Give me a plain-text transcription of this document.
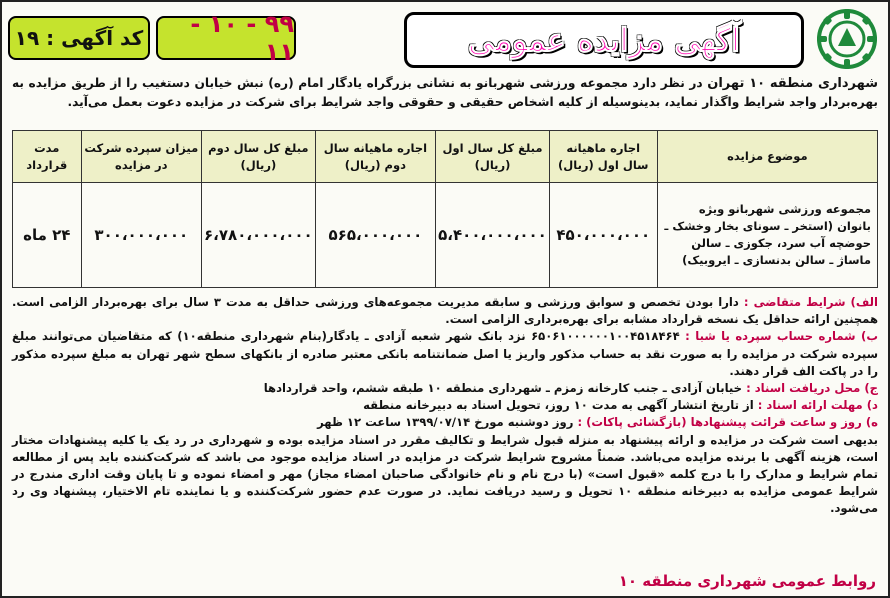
آگهی مزایده عمومی
۹۹ - ۱۰ - ۱۱
کد آگهی : ۱۹
شهرداری منطقه ۱۰ تهران در نظر دارد مجموعه ورزشی شهربانو به نشانی بزرگراه یادگار امام (ره) نبش خیابان دستغیب را از طریق مزایده به بهره‌بردار واجد شرایط واگذار نماید، بدینوسیله از کلیه اشخاص حقیقی و حقوقی واجد شرایط برای شرکت در مزایده دعوت بعمل می‌آید.
موضوع مزایده	اجاره ماهیانه سال اول (ریال)	مبلغ کل سال اول (ریال)	اجاره ماهیانه سال دوم (ریال)	مبلغ کل سال دوم (ریال)	میزان سپرده شرکت در مزایده	مدت قرارداد
مجموعه ورزشی شهربانو ویژه بانوان (استخر ـ سونای بخار وخشک ـ حوضچه آب سرد، جکوزی ـ سالن ماساژ ـ سالن بدنسازی ـ ایروبیک)	۴۵۰،۰۰۰،۰۰۰	۵،۴۰۰،۰۰۰،۰۰۰	۵۶۵،۰۰۰،۰۰۰	۶،۷۸۰،۰۰۰،۰۰۰	۳۰۰،۰۰۰،۰۰۰	۲۴ ماه

الف) شرایط متقاضی : دارا بودن تخصص و سوابق ورزشی و سابقه مدیریت مجموعه‌های ورزشی حداقل به مدت ۳ سال برای بهره‌بردار الزامی است. همچنین ارائه حداقل یک نسخه قرارداد مشابه برای بهره‌برداری الزامی است.

ب) شماره حساب سپرده یا شبا : ۶۵۰۶۱۰۰۰۰۰۰۱۰۰۴۵۱۸۴۶۴ نزد بانک شهر شعبه آزادی ـ یادگار(بنام شهرداری منطقه۱۰) که متقاضیان می‌توانند مبلغ سپرده شرکت در مزایده را به صورت نقد به حساب مذکور واریز یا اصل ضمانتنامه بانکی معتبر صادره از بانکهای سطح شهر تهران به مبلغ سپرده مذکور را در پاکت الف قرار دهند.

ج) محل دریافت اسناد : خیابان آزادی ـ جنب کارخانه زمزم ـ شهرداری منطقه ۱۰ طبقه ششم، واحد قراردادها

د) مهلت ارائه اسناد : از تاریخ انتشار آگهی به مدت ۱۰ روز، تحویل اسناد به دبیرخانه منطقه

ه) روز و ساعت قرائت پیشنهادها (بازگشائی پاکات) : روز دوشنبه مورخ ۱۳۹۹/۰۷/۱۴ ساعت ۱۲ ظهر

بدیهی است شرکت در مزایده و ارائه پیشنهاد به منزله قبول شرایط و تکالیف مقرر در اسناد مزایده بوده و شهرداری در رد یک یا کلیه پیشنهادات مختار است، هزینه آگهی با برنده مزایده می‌باشد. ضمناً مشروح شرایط شرکت در مزایده در اسناد مزایده موجود می باشد که شرکت‌کننده باید پس از مطالعه تمام شرایط و مدارک را با درج کلمه «قبول است» (با درج نام و نام خانوادگی صاحبان امضاء مجاز) مهر و امضاء نموده و تا پایان وقت اداری مندرج در شرایط عمومی مزایده به دبیرخانه منطقه ۱۰ تحویل و رسید دریافت نماید. در صورت عدم حضور شرکت‌کننده و یا نماینده تام الاختیار، پیشنهاد وی رد می‌شود.

روابط عمومی شهرداری منطقه ۱۰
